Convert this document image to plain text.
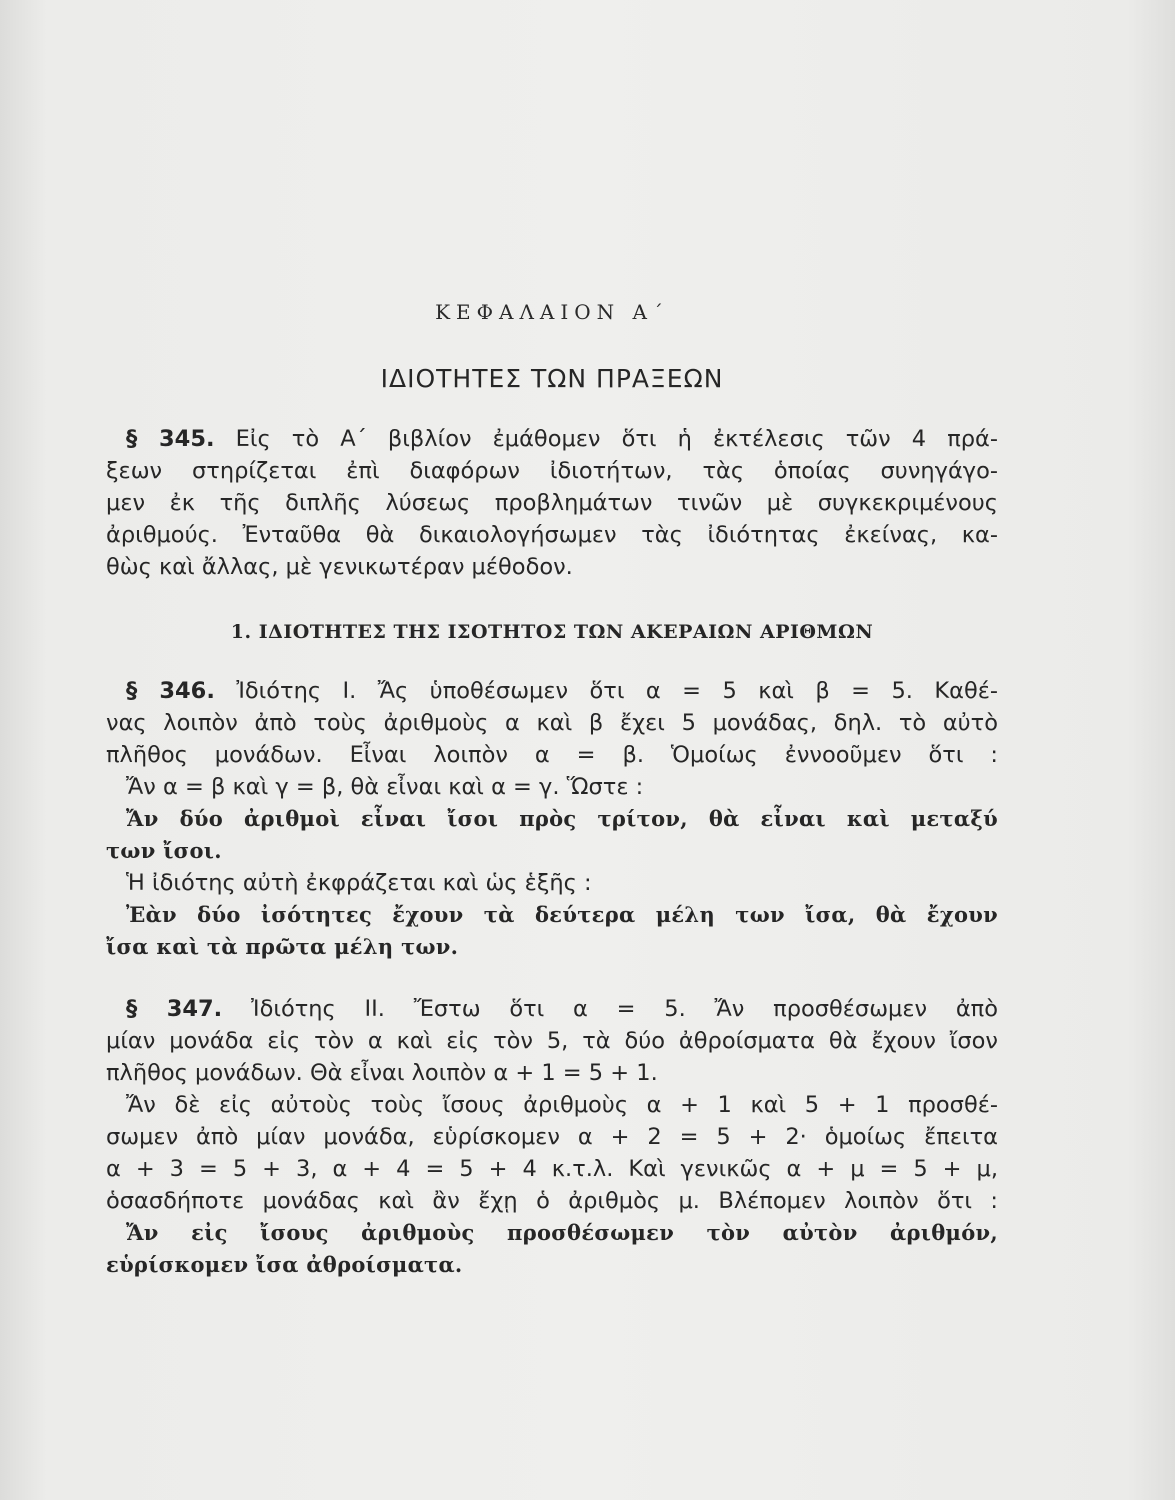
ΚΕΦΑΛΑΙΟΝ Α΄
ΙΔΙΟΤΗΤΕΣ ΤΩΝ ΠΡΑΞΕΩΝ
§ 345. Εἰς τὸ Α΄ βιβλίον ἐμάθομεν ὅτι ἡ ἐκτέλεσις τῶν 4 πρά-
ξεων στηρίζεται ἐπὶ διαφόρων ἰδιοτήτων, τὰς ὁποίας συνηγάγο-
μεν ἐκ τῆς διπλῆς λύσεως προβλημάτων τινῶν μὲ συγκεκριμένους
ἀριθμούς. Ἐνταῦθα θὰ δικαιολογήσωμεν τὰς ἰδιότητας ἐκείνας, κα-
θὼς καὶ ἄλλας, μὲ γενικωτέραν μέθοδον.
1. ΙΔΙΟΤΗΤΕΣ ΤΗΣ ΙΣΟΤΗΤΟΣ ΤΩΝ ΑΚΕΡΑΙΩΝ ΑΡΙΘΜΩΝ
§ 346. Ἰδιότης Ι. Ἄς ὑποθέσωμεν ὅτι α = 5 καὶ β = 5. Καθέ-
νας λοιπὸν ἀπὸ τοὺς ἀριθμοὺς α καὶ β ἔχει 5 μονάδας, δηλ. τὸ αὐτὸ
πλῆθος μονάδων. Εἶναι λοιπὸν α = β. Ὁμοίως ἐννοοῦμεν ὅτι :
Ἄν α = β καὶ γ = β, θὰ εἶναι καὶ α = γ. Ὥστε :
Ἄν δύο ἀριθμοὶ εἶναι ἴσοι πρὸς τρίτον, θὰ εἶναι καὶ μεταξύ
των ἴσοι.
Ἡ ἰδιότης αὐτὴ ἐκφράζεται καὶ ὡς ἑξῆς :
Ἐὰν δύο ἰσότητες ἔχουν τὰ δεύτερα μέλη των ἴσα, θὰ ἔχουν
ἴσα καὶ τὰ πρῶτα μέλη των.
§ 347. Ἰδιότης ΙΙ. Ἔστω ὅτι α = 5. Ἄν προσθέσωμεν ἀπὸ
μίαν μονάδα εἰς τὸν α καὶ εἰς τὸν 5, τὰ δύο ἀθροίσματα θὰ ἔχουν ἴσον
πλῆθος μονάδων. Θὰ εἶναι λοιπὸν α + 1 = 5 + 1.
Ἄν δὲ εἰς αὐτοὺς τοὺς ἴσους ἀριθμοὺς α + 1 καὶ 5 + 1 προσθέ-
σωμεν ἀπὸ μίαν μονάδα, εὑρίσκομεν α + 2 = 5 + 2· ὁμοίως ἔπειτα
α + 3 = 5 + 3, α + 4 = 5 + 4 κ.τ.λ. Καὶ γενικῶς α + μ = 5 + μ,
ὁσασδήποτε μονάδας καὶ ἂν ἔχῃ ὁ ἀριθμὸς μ. Βλέπομεν λοιπὸν ὅτι :
Ἄν εἰς ἴσους ἀριθμοὺς προσθέσωμεν τὸν αὐτὸν ἀριθμόν,
εὑρίσκομεν ἴσα ἀθροίσματα.
